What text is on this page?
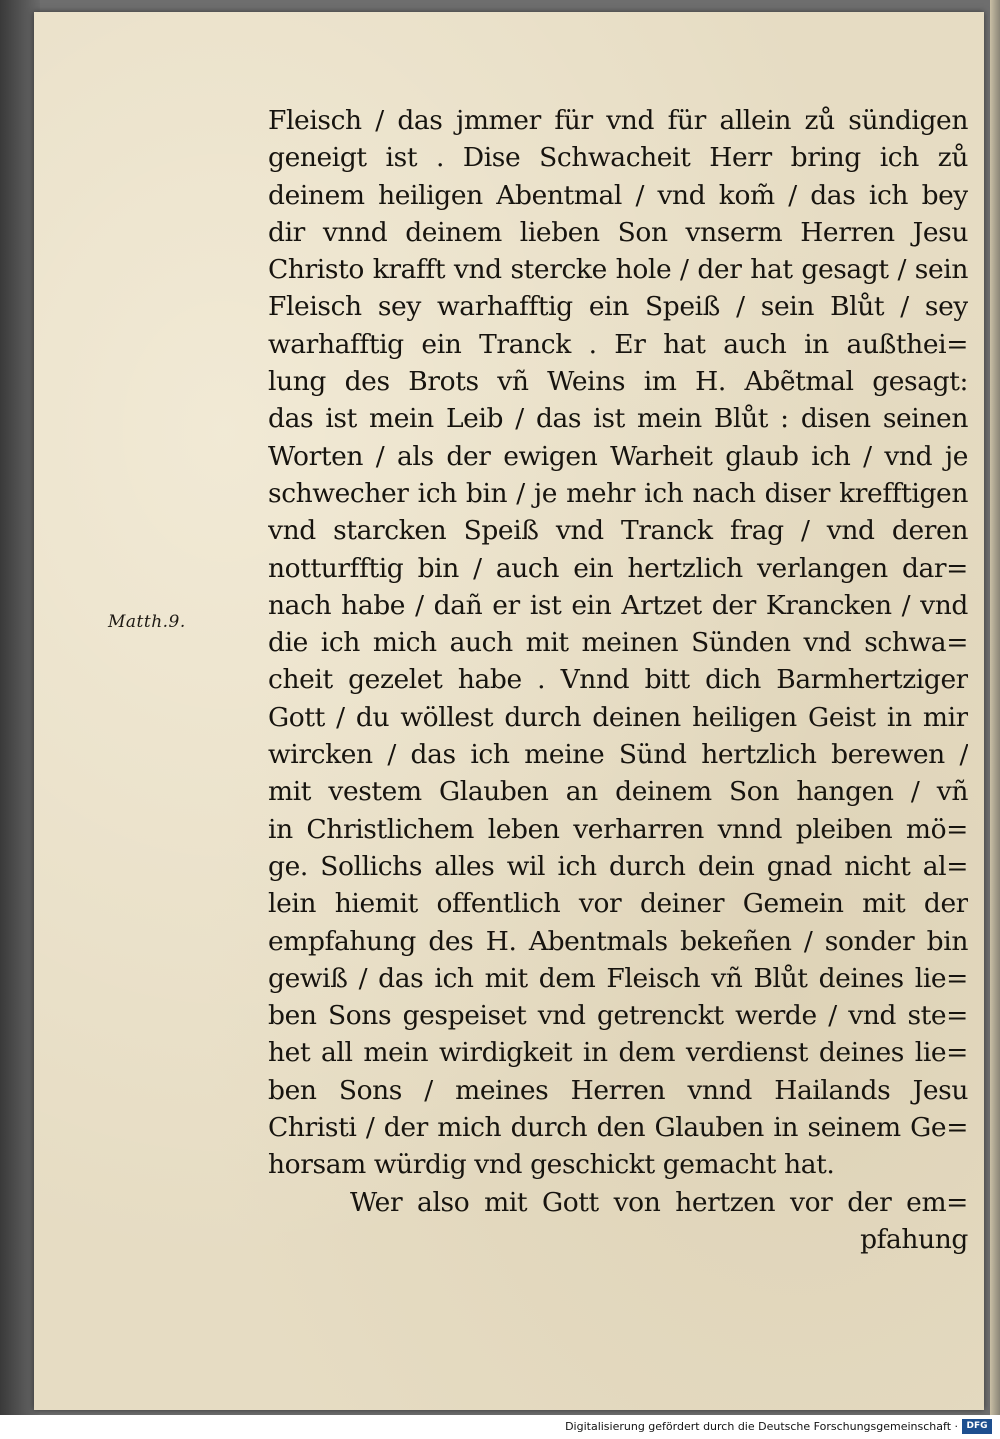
Matth.9.
Fleisch / das jmmer für vnd für allein zů sündigen
geneigt ist . Dise Schwacheit Herr bring ich zů
deinem heiligen Abentmal / vnd kom̃ / das ich bey
dir vnnd deinem lieben Son vnserm Herren Jesu
Christo krafft vnd stercke hole / der hat gesagt / sein
Fleisch sey warhafftig ein Speiß / sein Blůt / sey
warhafftig ein Tranck . Er hat auch in außthei=
lung des Brots vñ Weins im H. Abẽtmal gesagt:
das ist mein Leib / das ist mein Blůt : disen seinen
Worten / als der ewigen Warheit glaub ich / vnd je
schwecher ich bin / je mehr ich nach diser krefftigen
vnd starcken Speiß vnd Tranck frag / vnd deren
notturfftig bin / auch ein hertzlich verlangen dar=
nach habe / dañ er ist ein Artzet der Krancken / vnd
die ich mich auch mit meinen Sünden vnd schwa=
cheit gezelet habe . Vnnd bitt dich Barmhertziger
Gott / du wöllest durch deinen heiligen Geist in mir
wircken / das ich meine Sünd hertzlich berewen /
mit vestem Glauben an deinem Son hangen / vñ
in Christlichem leben verharren vnnd pleiben mö=
ge. Sollichs alles wil ich durch dein gnad nicht al=
lein hiemit offentlich vor deiner Gemein mit der
empfahung des H. Abentmals bekeñen / sonder bin
gewiß / das ich mit dem Fleisch vñ Blůt deines lie=
ben Sons gespeiset vnd getrenckt werde / vnd ste=
het all mein wirdigkeit in dem verdienst deines lie=
ben Sons / meines Herren vnnd Hailands Jesu
Christi / der mich durch den Glauben in seinem Ge=
horsam würdig vnd geschickt gemacht hat.
Wer also mit Gott von hertzen vor der em=
pfahung
Digitalisierung gefördert durch die Deutsche Forschungsgemeinschaft · DFG
